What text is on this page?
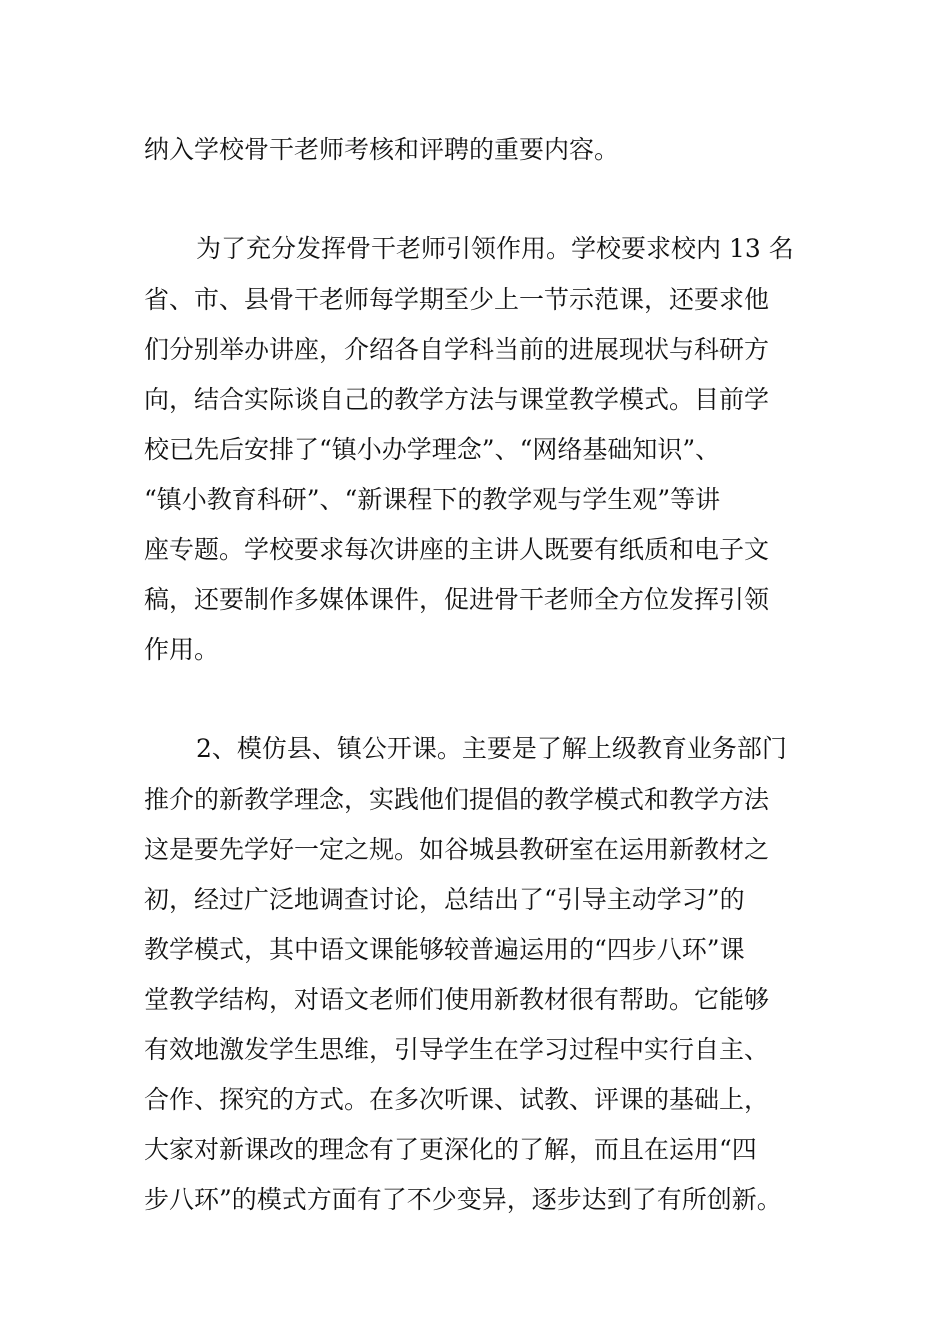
纳入学校骨干老师考核和评聘的重要内容。
为了充分发挥骨干老师引领作用。学校要求校内 13 名
省、市、县骨干老师每学期至少上一节示范课，还要求他
们分别举办讲座，介绍各自学科当前的进展现状与科研方
向，结合实际谈自己的教学方法与课堂教学模式。目前学
校已先后安排了“镇小办学理念”、“网络基础知识”、
“镇小教育科研”、“新课程下的教学观与学生观”等讲
座专题。学校要求每次讲座的主讲人既要有纸质和电子文
稿，还要制作多媒体课件，促进骨干老师全方位发挥引领
作用。
2、模仿县、镇公开课。主要是了解上级教育业务部门
推介的新教学理念，实践他们提倡的教学模式和教学方法
这是要先学好一定之规。如谷城县教研室在运用新教材之
初，经过广泛地调查讨论，总结出了“引导主动学习”的
教学模式，其中语文课能够较普遍运用的“四步八环”课
堂教学结构，对语文老师们使用新教材很有帮助。它能够
有效地激发学生思维，引导学生在学习过程中实行自主、
合作、探究的方式。在多次听课、试教、评课的基础上，
大家对新课改的理念有了更深化的了解，而且在运用“四
步八环”的模式方面有了不少变异，逐步达到了有所创新。
